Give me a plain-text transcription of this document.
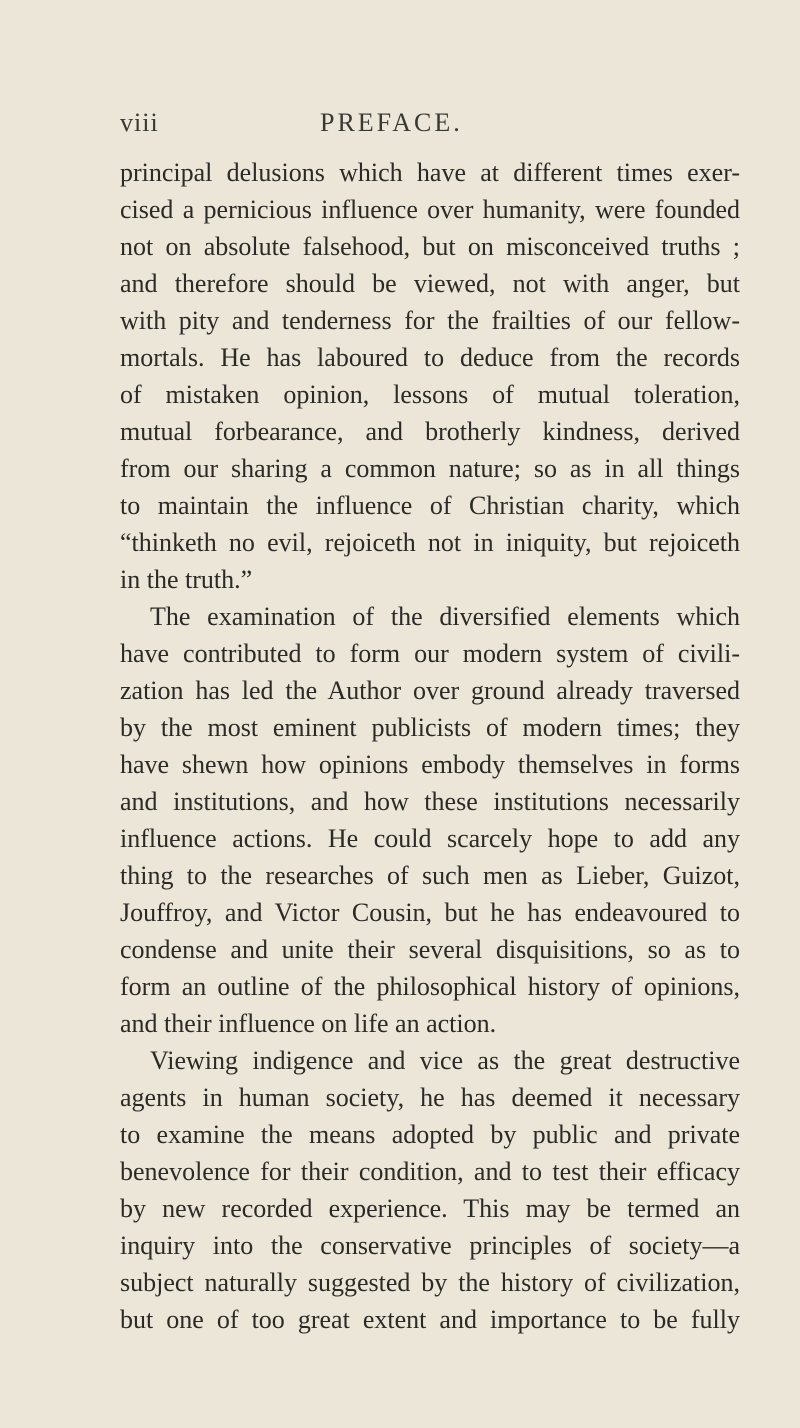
viii	PREFACE.
principal delusions which have at different times exer-
cised a pernicious influence over humanity, were founded
not on absolute falsehood, but on misconceived truths ;
and therefore should be viewed, not with anger, but
with pity and tenderness for the frailties of our fellow-
mortals. He has laboured to deduce from the records
of mistaken opinion, lessons of mutual toleration,
mutual forbearance, and brotherly kindness, derived
from our sharing a common nature; so as in all things
to maintain the influence of Christian charity, which
“thinketh no evil, rejoiceth not in iniquity, but rejoiceth
in the truth.”
The examination of the diversified elements which
have contributed to form our modern system of civili-
zation has led the Author over ground already traversed
by the most eminent publicists of modern times; they
have shewn how opinions embody themselves in forms
and institutions, and how these institutions necessarily
influence actions. He could scarcely hope to add any
thing to the researches of such men as Lieber, Guizot,
Jouffroy, and Victor Cousin, but he has endeavoured to
condense and unite their several disquisitions, so as to
form an outline of the philosophical history of opinions,
and their influence on life an action.
Viewing indigence and vice as the great destructive
agents in human society, he has deemed it necessary
to examine the means adopted by public and private
benevolence for their condition, and to test their efficacy
by new recorded experience. This may be termed an
inquiry into the conservative principles of society—a
subject naturally suggested by the history of civilization,
but one of too great extent and importance to be fully
